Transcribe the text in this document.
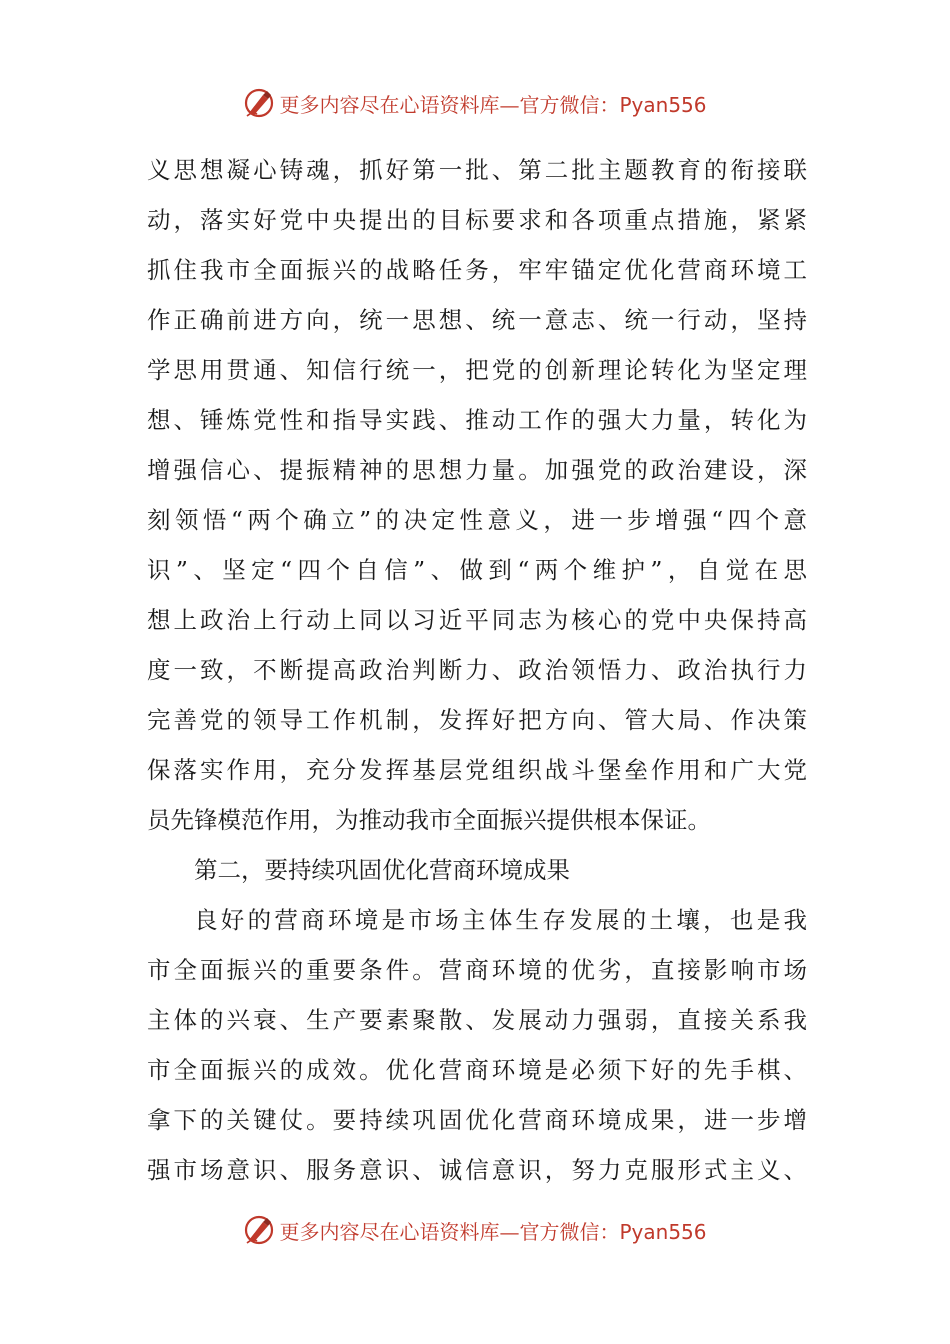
更多内容尽在心语资料库—官方微信：Pyan556
义思想凝心铸魂，抓好第一批、第二批主题教育的衔接联
动，落实好党中央提出的目标要求和各项重点措施，紧紧
抓住我市全面振兴的战略任务，牢牢锚定优化营商环境工
作正确前进方向，统一思想、统一意志、统一行动，坚持
学思用贯通、知信行统一，把党的创新理论转化为坚定理
想、锤炼党性和指导实践、推动工作的强大力量，转化为
增强信心、提振精神的思想力量。加强党的政治建设，深
刻领悟“两个确立”的决定性意义，进一步增强“四个意
识”、坚定“四个自信”、做到“两个维护”，自觉在思
想上政治上行动上同以习近平同志为核心的党中央保持高
度一致，不断提高政治判断力、政治领悟力、政治执行力
完善党的领导工作机制，发挥好把方向、管大局、作决策
保落实作用，充分发挥基层党组织战斗堡垒作用和广大党
员先锋模范作用，为推动我市全面振兴提供根本保证。
第二，要持续巩固优化营商环境成果
良好的营商环境是市场主体生存发展的土壤，也是我
市全面振兴的重要条件。营商环境的优劣，直接影响市场
主体的兴衰、生产要素聚散、发展动力强弱，直接关系我
市全面振兴的成效。优化营商环境是必须下好的先手棋、
拿下的关键仗。要持续巩固优化营商环境成果，进一步增
强市场意识、服务意识、诚信意识，努力克服形式主义、
更多内容尽在心语资料库—官方微信：Pyan556
